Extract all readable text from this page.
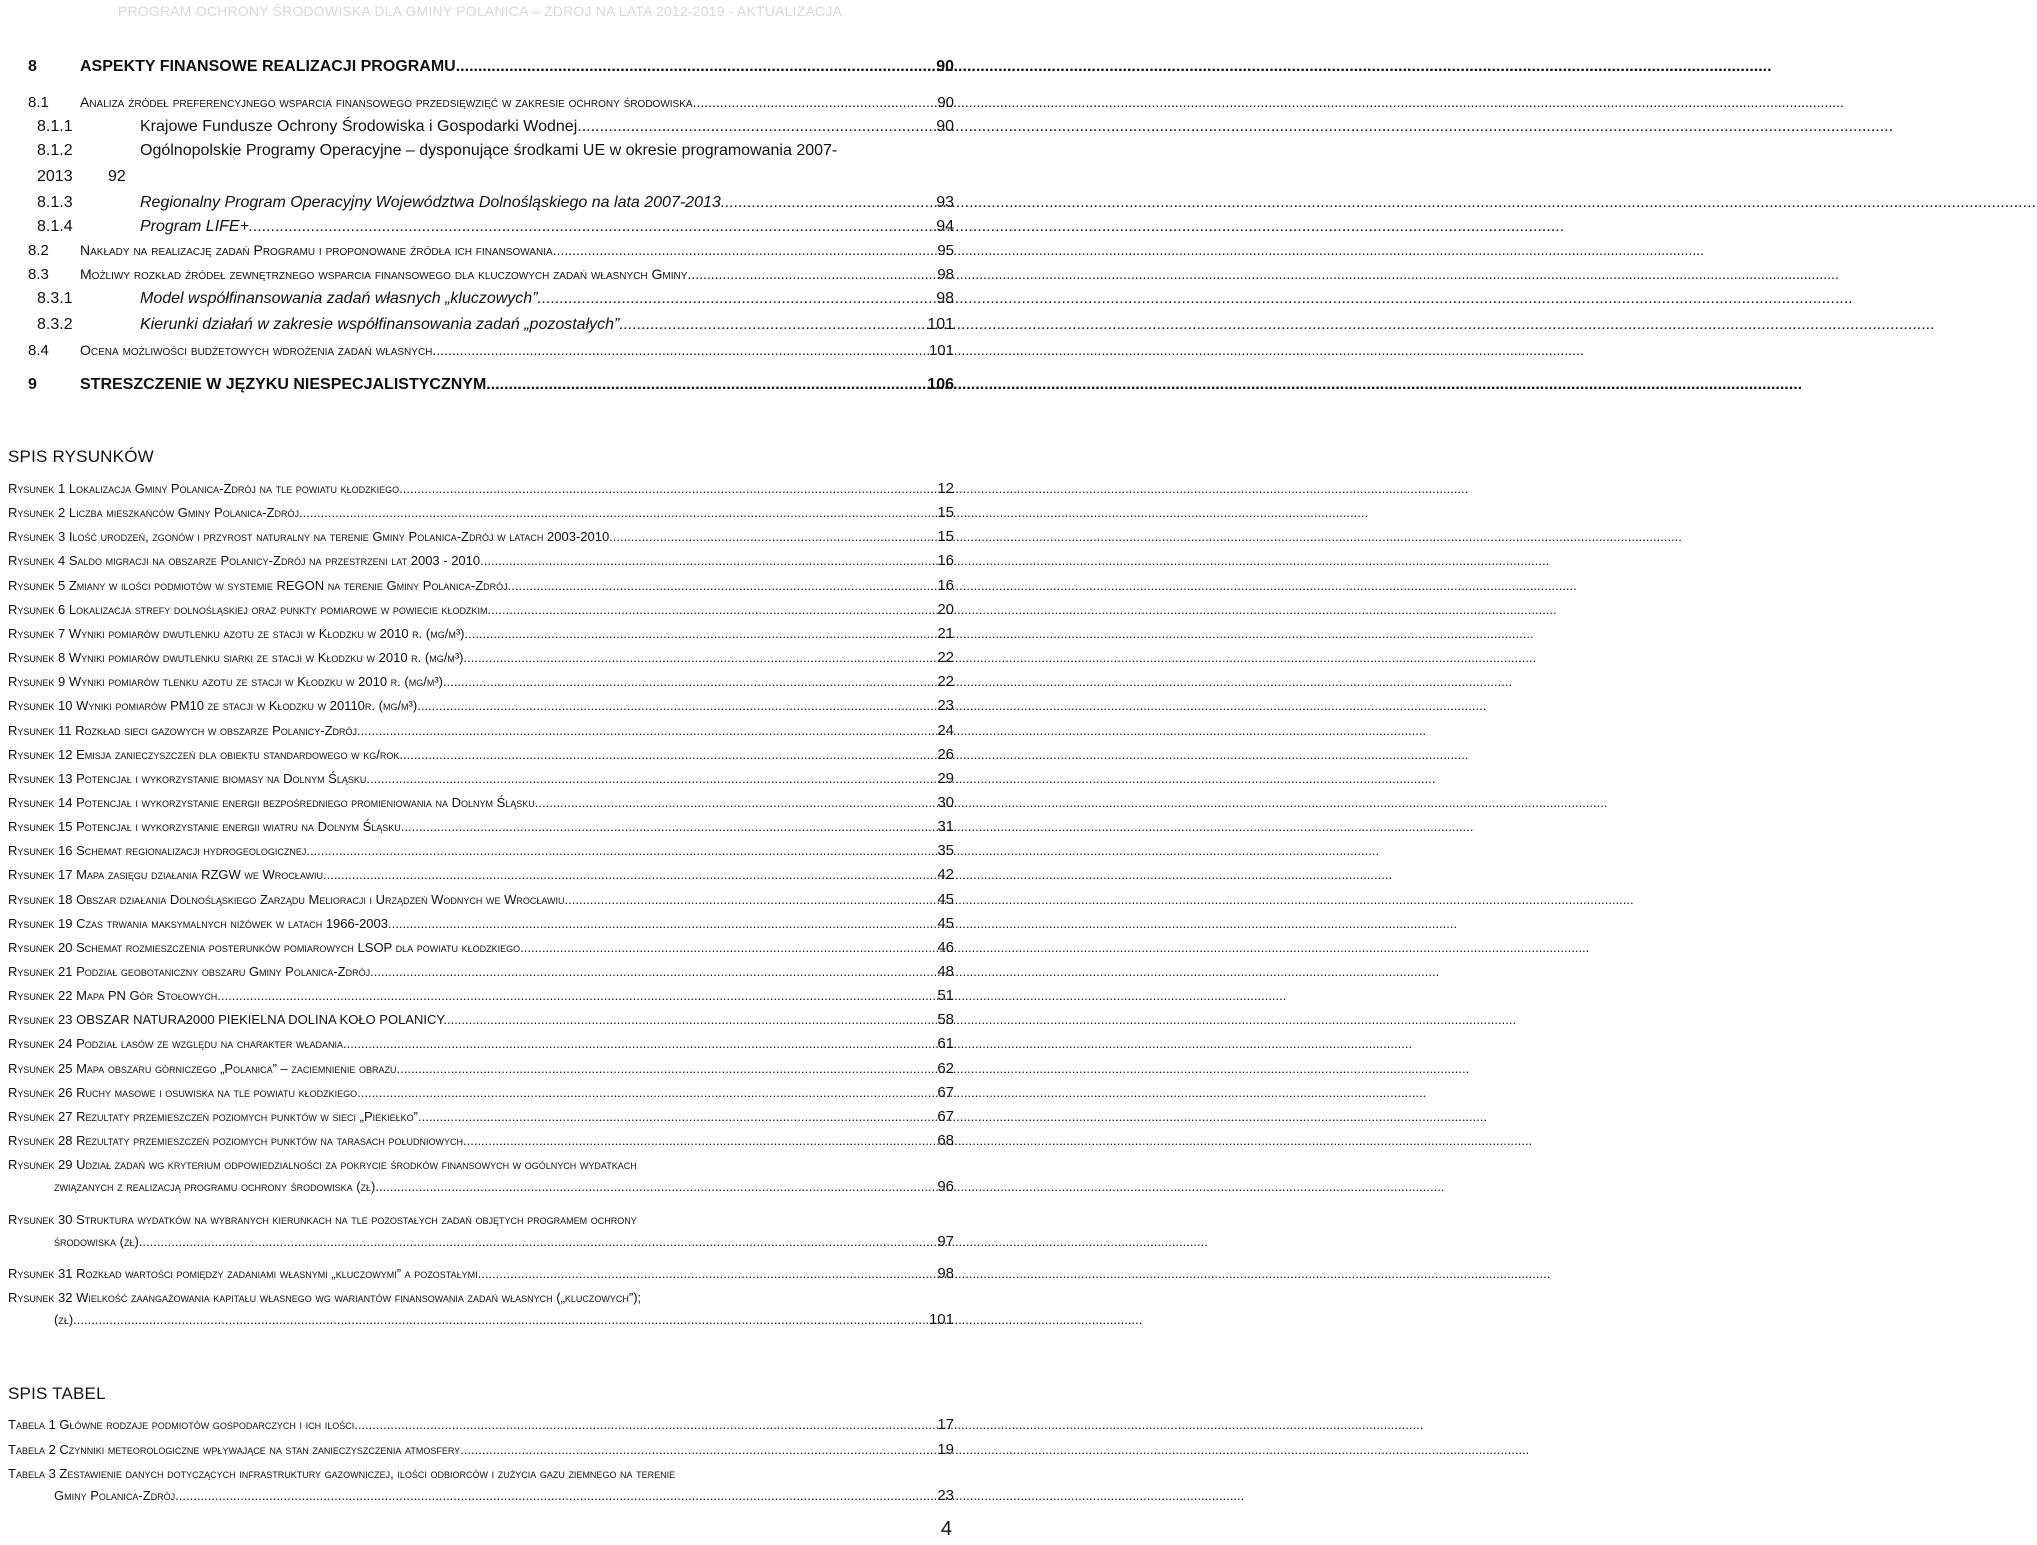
PROGRAM OCHRONY ŚRODOWISKA DLA GMINY POLANICA – ZDRÓJ NA LATA 2012-2019 - AKTUALIZACJA
8	ASPEKTY FINANSOWE REALIZACJI PROGRAMU .....	90
8.1	Analiza źródeł preferencyjnego wsparcia finansowego przedsięwzięć w zakresie ochrony środowiska .....	90
8.1.1	Krajowe Fundusze Ochrony Środowiska i Gospodarki Wodnej .....	90
8.1.2	Ogólnopolskie Programy Operacyjne – dysponujące środkami UE w okresie programowania 2007-
2013	92
8.1.3	Regionalny Program Operacyjny Województwa Dolnośląskiego na lata 2007-2013 .....	93
8.1.4	Program LIFE+ .....	94
8.2	Nakłady na realizację zadań Programu i proponowane źródła ich finansowania .....	95
8.3	Możliwy rozkład źródeł zewnętrznego wsparcia finansowego dla kluczowych zadań własnych Gminy .....	98
8.3.1	Model współfinansowania zadań własnych „kluczowych” .....	98
8.3.2	Kierunki działań w zakresie współfinansowania zadań „pozostałych” .....	101
8.4	Ocena możliwości budżetowych wdrożenia zadań własnych .....	101
9	STRESZCZENIE W JĘZYKU NIESPECJALISTYCZNYM .....	106
SPIS RYSUNKÓW
Rysunek 1 Lokalizacja Gminy Polanica-Zdrój na tle powiatu kłodzkiego .....	12
Rysunek 2 Liczba mieszkańców Gminy Polanica-Zdrój .....	15
Rysunek 3 Ilość urodzeń, zgonów i przyrost naturalny na terenie Gminy Polanica-Zdrój w latach 2003-2010. .....	15
Rysunek 4 Saldo migracji na obszarze Polanicy-Zdrój na przestrzeni lat 2003 - 2010 .....	16
Rysunek 5 Zmiany w ilości podmiotów w systemie REGON na terenie Gminy Polanica-Zdrój .....	16
Rysunek 6 Lokalizacja strefy dolnośląskiej oraz punkty pomiarowe w powiecie kłodzkim .....	20
Rysunek 7 Wyniki pomiarów dwutlenku azotu ze stacji w Kłodzku w 2010 r. (μg/m³) .....	21
Rysunek 8 Wyniki pomiarów dwutlenku siarki ze stacji w Kłodzku w 2010 r. (μg/m³). .....	22
Rysunek 9 Wyniki pomiarów tlenku azotu ze stacji w Kłodzku w 2010 r. (μg/m³) .....	22
Rysunek 10 Wyniki pomiarów PM10 ze stacji w Kłodzku w 20110r. (μg/m³) .....	23
Rysunek 11 Rozkład sieci gazowych w obszarze Polanicy-Zdrój .....	24
Rysunek 12 Emisja zanieczyszczeń dla obiektu standardowego w kg/rok .....	26
Rysunek 13 Potencjał i wykorzystanie biomasy na Dolnym Śląsku .....	29
Rysunek 14 Potencjał i wykorzystanie energii bezpośredniego promieniowania na Dolnym Śląsku. .....	30
Rysunek 15 Potencjał i wykorzystanie energii wiatru na Dolnym Śląsku. .....	31
Rysunek 16 Schemat regionalizacji hydrogeologicznej. .....	35
Rysunek 17 Mapa zasięgu działania RZGW we Wrocławiu .....	42
Rysunek 18 Obszar działania Dolnośląskiego Zarządu Melioracji i Urządzeń Wodnych we Wrocławiu .....	45
Rysunek 19 Czas trwania maksymalnych niżówek w latach 1966-2003 .....	45
Rysunek 20 Schemat rozmieszczenia posterunków pomiarowych LSOP dla powiatu kłodzkiego .....	46
Rysunek 21 Podział geobotaniczny obszaru Gminy Polanica-Zdrój .....	48
Rysunek 22 Mapa PN Gór Stołowych .....	51
Rysunek 23 OBSZAR NATURA2000 PIEKIELNA DOLINA KOŁO POLANICY. .....	58
Rysunek 24 Podział lasów ze względu na charakter władania .....	61
Rysunek 25 Mapa obszaru górniczego „Polanica” – zaciemnienie obrazu. .....	62
Rysunek 26 Ruchy masowe i osuwiska na tle powiatu kłodzkiego .....	67
Rysunek 27 Rezultaty przemieszczeń poziomych punktów w sieci „Piekiełko” .....	67
Rysunek 28 Rezultaty przemieszczeń poziomych punktów na tarasach południowych .....	68
Rysunek 29 Udział zadań wg kryterium odpowiedzialności za pokrycie środków finansowych w ogólnych wydatkach
związanych z realizacją programu ochrony środowiska (zł) .....	96
Rysunek 30 Struktura wydatków na wybranych kierunkach na tle pozostałych zadań objętych programem ochrony
środowiska (zł) .....	97
Rysunek 31 Rozkład wartości pomiędzy zadaniami własnymi „kluczowymi” a pozostałymi. .....	98
Rysunek 32 Wielkość zaangażowania kapitału własnego wg wariantów finansowania zadań własnych („kluczowych”);
(zł) .....	101
SPIS TABEL
Tabela 1 Główne rodzaje podmiotów gospodarczych i ich ilości .....	17
Tabela 2 Czynniki meteorologiczne wpływające na stan zanieczyszczenia atmosfery .....	19
Tabela 3 Zestawienie danych dotyczących infrastruktury gazowniczej, ilości odbiorców i zużycia gazu ziemnego na terenie
Gminy Polanica-Zdrój .....	23
4
